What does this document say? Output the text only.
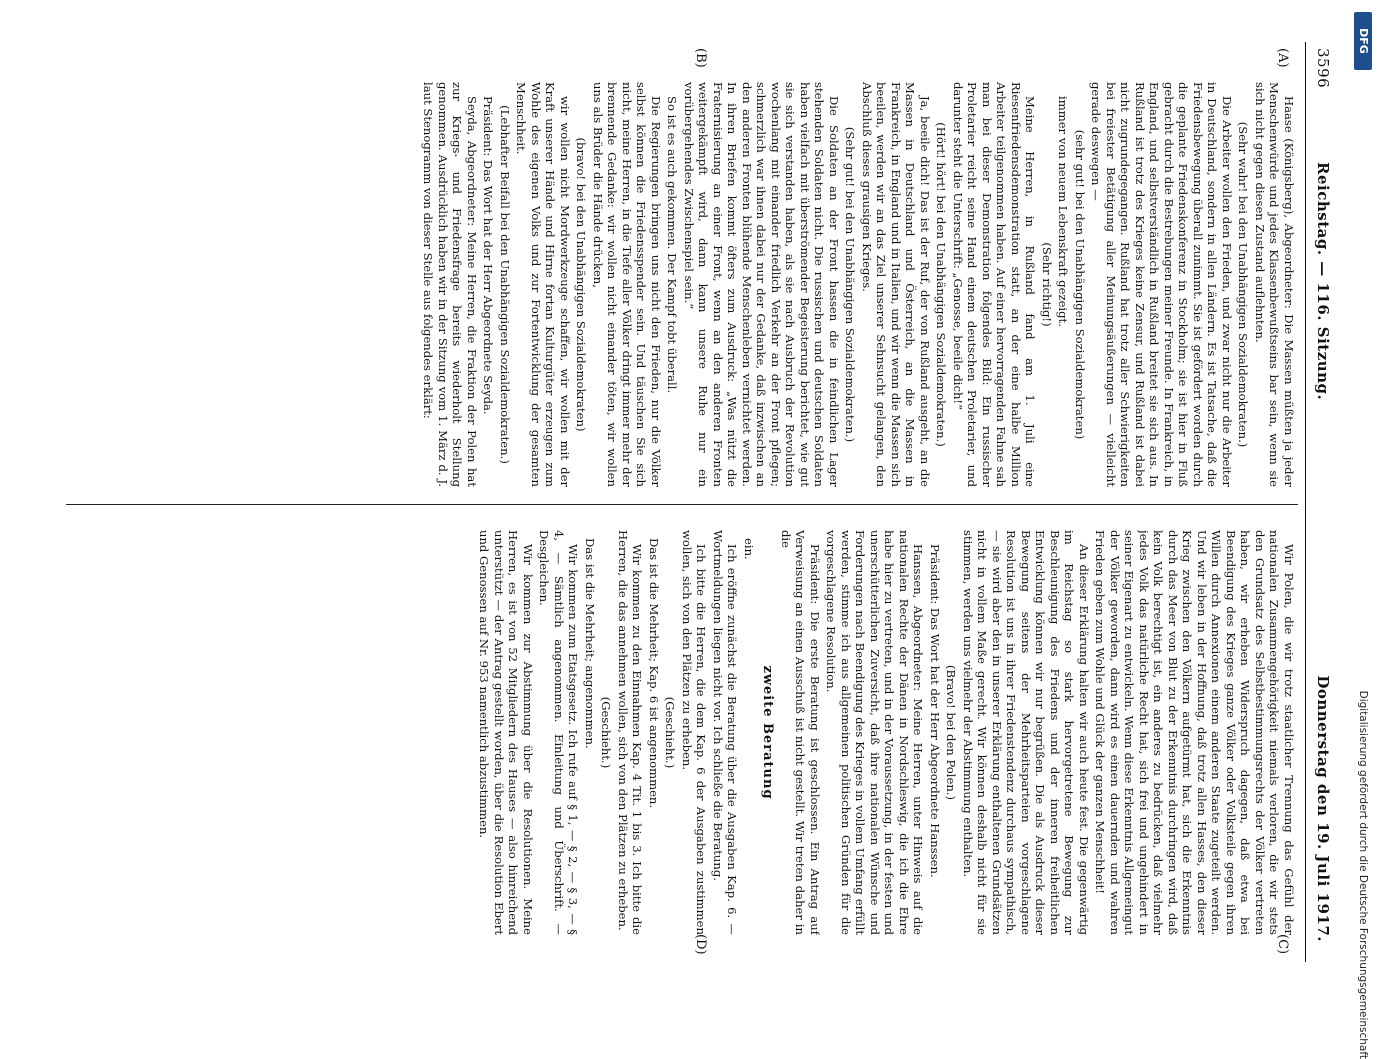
3596
Reichstag. — 116. Sitzung.
Donnerstag den 19. Juli 1917.
(A)
(B)
(C)
(D)

Haase (Königsberg), Abgeordneter: Die Massen müßten ja jeder Menschenwürde und jedes Klassenbewußtseins bar sein, wenn sie sich nicht gegen diesen Zustand auflehnten.

(Sehr wahr! bei den Unabhängigen Sozialdemokraten.)

Die Arbeiter wollen den Frieden, und zwar nicht nur die Arbeiter in Deutschland, sondern in allen Ländern. Es ist Tatsache, daß die Friedensbewegung überall zunimmt. Sie ist gefördert worden durch die geplante Friedenskonferenz in Stockholm; sie ist hier in Fluß gebracht durch die Bestrebungen meiner Freunde. In Frankreich, in England, und selbstverständlich in Rußland breitet sie sich aus. In Rußland ist trotz des Krieges keine Zensur, und Rußland ist dabei nicht zugrundegegangen. Rußland hat trotz aller Schwierigkeiten bei freiester Betätigung aller Meinungsäußerungen — vielleicht gerade deswegen —

(sehr gut! bei den Unabhängigen Sozialdemokraten)

immer von neuem Lebenskraft gezeigt.

(Sehr richtig!)

Meine Herren, in Rußland fand am 1. Juli eine Riesenfriedensdemonstration statt, an der eine halbe Million Arbeiter teilgenommen haben. Auf einer hervorragenden Fahne sah man bei dieser Demonstration folgendes Bild: Ein russischer Proletarier reicht seine Hand einem deutschen Proletarier, und darunter steht die Unterschrift: „Genosse, beeile dich!“

(Hört! hört! bei den Unabhängigen Sozialdemokraten.)

Ja, beeile dich! Das ist der Ruf, der von Rußland ausgeht, an die Massen in Deutschland und Österreich, an die Massen in Frankreich, in England und in Italien, und wir wenn die Massen sich beeilen, werden wir an das Ziel unserer Sehnsucht gelangen, den Abschluß dieses grausigen Krieges.

(Sehr gut! bei den Unabhängigen Sozialdemokraten.)

Die Soldaten an der Front hassen die in feindlichen Lager stehenden Soldaten nicht. Die russischen und deutschen Soldaten haben vielfach mit überströmender Begeisterung berichtet, wie gut sie sich verstanden haben, als sie nach Ausbruch der Revolution wochenlang mit einander friedlich Verkehr an der Front pflegen; schmerzlich war ihnen dabei nur der Gedanke, daß inzwischen an den anderen Fronten blühende Menschenleben vernichtet werden. In ihren Briefen kommt öfters zum Ausdruck: „Was nützt die Fraternisierung an einer Front, wenn an den anderen Fronten weitergekämpft wird, dann kann unsere Ruhe nur ein vorübergehendes Zwischenspiel sein.“

So ist es auch gekommen. Der Kampf tobt überall.

Die Regierungen bringen uns nicht den Frieden, nur die Völker selbst können die Friedensspender sein. Und täuschen Sie sich nicht, meine Herren, in die Tiefe aller Völker dringt immer mehr der brennende Gedanke: wir wollen nicht einander töten, wir wollen uns als Brüder die Hände drücken,

(bravo! bei den Unabhängigen Sozialdemokraten)

wir wollen nicht Mordwerkzeuge schaffen, wir wollen mit der Kraft unserer Hände und Hirne fortan Kulturgüter erzeugen zum Wohle des eigenen Volks und zur Fortentwicklung der gesamten Menschheit.

(Lebhafter Beifall bei den Unabhängigen Sozialdemokraten.)

Präsident: Das Wort hat der Herr Abgeordnete Seyda.

Seyda, Abgeordneter: Meine Herren, die Fraktion der Polen hat zur Kriegs- und Friedensfrage bereits wiederholt Stellung genommen. Ausdrücklich haben wir in der Sitzung vom 1. März d. J. laut Stenogramm von dieser Stelle aus folgendes erklärt:

Wir Polen, die wir trotz staatlicher Trennung das Gefühl der nationalen Zusammengehörigkeit niemals verloren, die wir stets den Grundsatz des Selbstbestimmungsrechts der Völker vertreten haben, wir erheben Widerspruch dagegen, daß etwa bei Beendigung des Krieges ganze Völker oder Volksteile gegen ihren Willen durch Annexionen einem anderen Staate zugeteilt werden. Und wir leben in der Hoffnung, daß trotz allen Hasses, den dieser Krieg zwischen den Völkern aufgetürmt hat, sich die Erkenntnis durch das Meer von Blut zu der Erkenntnis durchringen wird, daß kein Volk berechtigt ist, ein anderes zu bedrücken, daß vielmehr jedes Volk das natürliche Recht hat, sich frei und ungehindert in seiner Eigenart zu entwickeln. Wenn diese Erkenntnis Allgemeingut der Völker geworden, dann wird es einen dauernden und wahren Frieden geben zum Wohle und Glück der ganzen Menschheit!

An dieser Erklärung halten wir auch heute fest. Die gegenwärtig im Reichstag so stark hervorgetretene Bewegung zur Beschleunigung des Friedens und der inneren freiheitlichen Entwicklung können wir nur begrüßen. Die als Ausdruck dieser Bewegung seitens der Mehrheitsparteien vorgeschlagene Resolution ist uns in ihrer Friedenstendenz durchaus sympathisch, — sie wird aber den in unserer Erklärung enthaltenen Grundsätzen nicht in vollem Maße gerecht. Wir können deshalb nicht für sie stimmen, werden uns vielmehr der Abstimmung enthalten.

(Bravo! bei den Polen.)

Präsident: Das Wort hat der Herr Abgeordnete Hanssen.

Hanssen, Abgeordneter: Meine Herren, unter Hinweis auf die nationalen Rechte der Dänen in Nordschleswig, die ich die Ehre habe hier zu vertreten, und in der Voraussetzung, in der festen und unerschütterlichen Zuversicht, daß ihre nationalen Wünsche und Forderungen nach Beendigung des Krieges in vollem Umfang erfüllt werden, stimme ich aus allgemeinen politischen Gründen für die vorgeschlagene Resolution.

Präsident: Die erste Beratung ist geschlossen. Ein Antrag auf Verweisung an einen Ausschuß ist nicht gestellt. Wir treten daher in die

zweite Beratung

ein.

Ich eröffne zunächst die Beratung über die Ausgaben Kap. 6. — Wortmeldungen liegen nicht vor. Ich schließe die Beratung.

Ich bitte die Herren, die dem Kap. 6 der Ausgaben zustimmen wollen, sich von den Plätzen zu erheben.

(Geschieht.)

Das ist die Mehrheit; Kap. 6 ist angenommen.

Wir kommen zu den Einnahmen Kap. 4 Tit. 1 bis 3. Ich bitte die Herren, die das annehmen wollen, sich von den Plätzen zu erheben.

(Geschieht.)

Das ist die Mehrheit; angenommen.

Wir kommen zum Etatsgesetz. Ich rufe auf § 1, — § 2, — § 3, — § 4, — Sämtlich angenommen. Einleitung und Überschrift. — Desgleichen.

Wir kommen zur Abstimmung über die Resolutionen. Meine Herren, es ist von 52 Mitgliedern des Hauses — also hinreichend unterstützt — der Antrag gestellt worden, über die Resolution Ebert und Genossen auf Nr. 953 namentlich abzustimmen.

DFG
Digitalisierung gefördert durch die Deutsche Forschungsgemeinschaft
